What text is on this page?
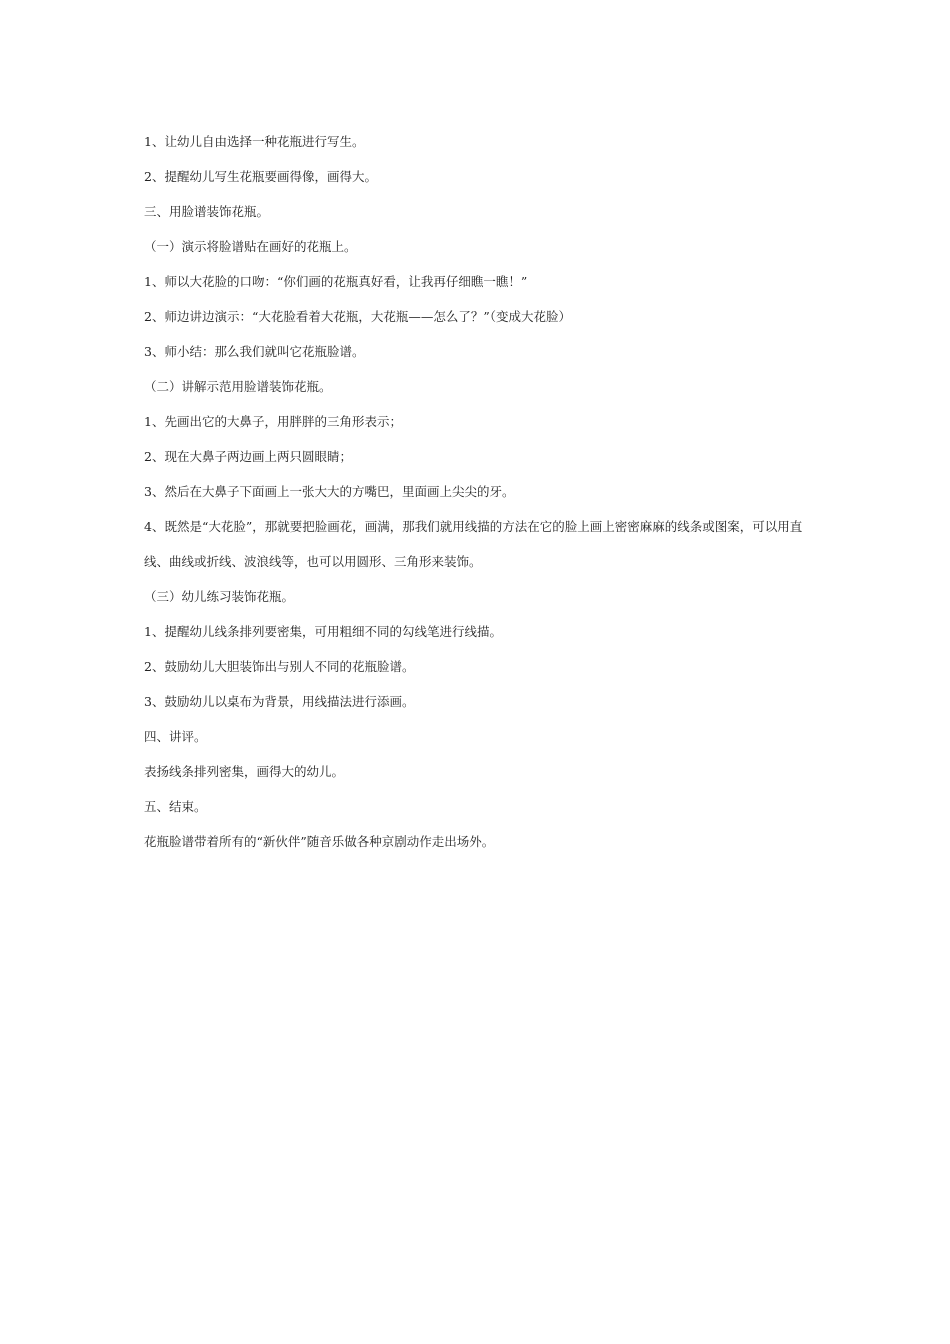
1、让幼儿自由选择一种花瓶进行写生。

2、提醒幼儿写生花瓶要画得像，画得大。

三、用脸谱装饰花瓶。

（一）演示将脸谱贴在画好的花瓶上。

1、师以大花脸的口吻：“你们画的花瓶真好看，让我再仔细瞧一瞧！”

2、师边讲边演示：“大花脸看着大花瓶，大花瓶——怎么了？”（变成大花脸）

3、师小结：那么我们就叫它花瓶脸谱。

（二）讲解示范用脸谱装饰花瓶。

1、先画出它的大鼻子，用胖胖的三角形表示；

2、现在大鼻子两边画上两只圆眼睛；

3、然后在大鼻子下面画上一张大大的方嘴巴，里面画上尖尖的牙。

4、既然是“大花脸”，那就要把脸画花，画满，那我们就用线描的方法在它的脸上画上密密麻麻的线条或图案，可以用直线、曲线或折线、波浪线等，也可以用圆形、三角形来装饰。

（三）幼儿练习装饰花瓶。

1、提醒幼儿线条排列要密集，可用粗细不同的勾线笔进行线描。

2、鼓励幼儿大胆装饰出与别人不同的花瓶脸谱。

3、鼓励幼儿以桌布为背景，用线描法进行添画。

四、讲评。

表扬线条排列密集，画得大的幼儿。

五、结束。

花瓶脸谱带着所有的“新伙伴”随音乐做各种京剧动作走出场外。
